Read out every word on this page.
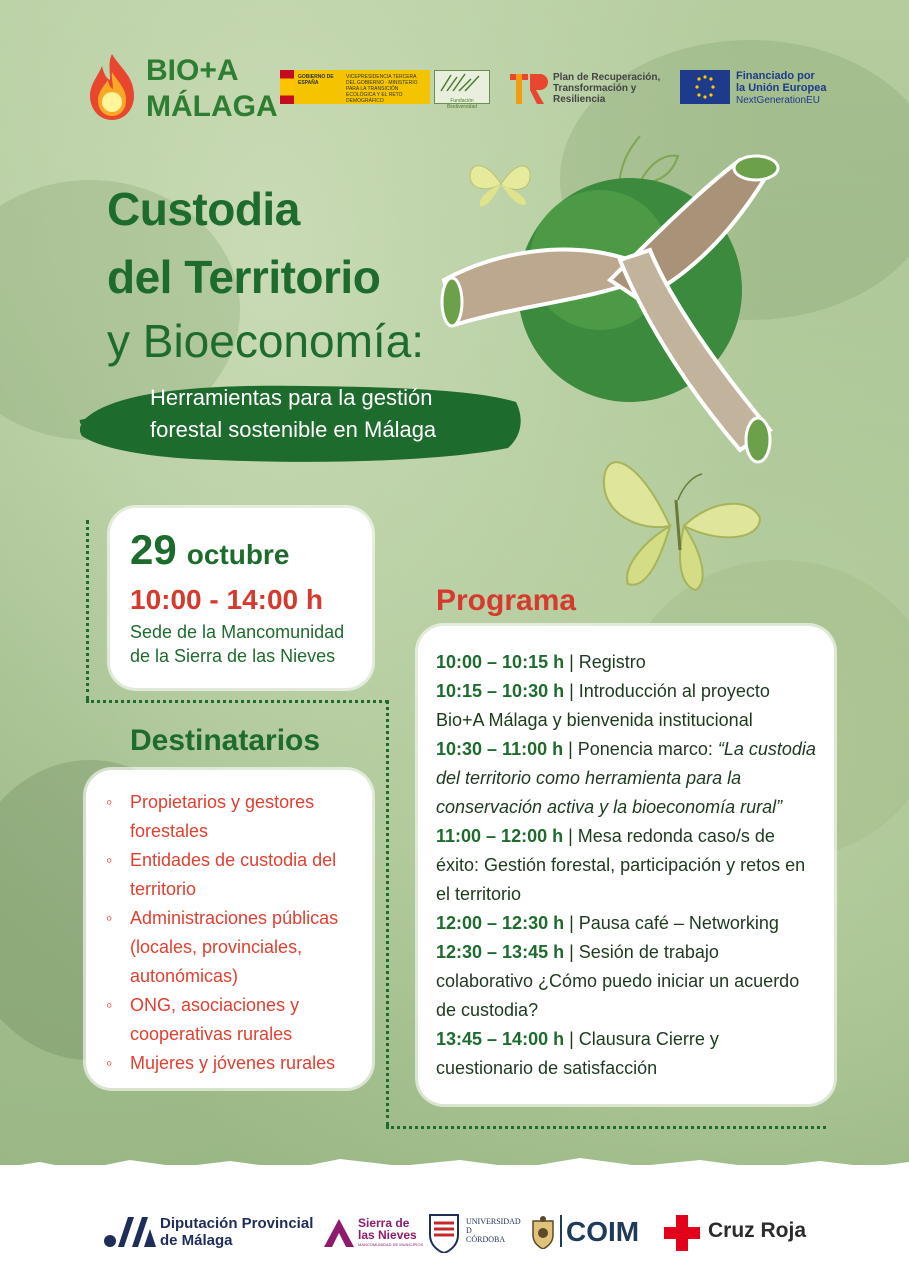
BIO+A
MÁLAGA
GOBIERNO DE ESPAÑA
VICEPRESIDENCIA TERCERA DEL GOBIERNO · MINISTERIO PARA LA TRANSICIÓN ECOLÓGICA Y EL RETO DEMOGRÁFICO	Fundación Biodiversidad
Plan de Recuperación, Transformación y Resiliencia
Financiado por
la Unión Europea
NextGenerationEU
Custodia
del Territorio
y Bioeconomía:
Herramientas para la gestión
forestal sostenible en Málaga
29 octubre
10:00 - 14:00 h
Sede de la Mancomunidad
de la Sierra de las Nieves
Destinatarios
◦ Propietarios y gestores forestales
◦ Entidades de custodia del territorio
◦ Administraciones públicas (locales, provinciales, autonómicas)
◦ ONG, asociaciones y cooperativas rurales
◦ Mujeres y jóvenes rurales
Programa
10:00 – 10:15 h | Registro
10:15 – 10:30 h | Introducción al proyecto Bio+A Málaga y bienvenida institucional
10:30 – 11:00 h | Ponencia marco: “La custodia del territorio como herramienta para la conservación activa y la bioeconomía rural”
11:00 – 12:00 h | Mesa redonda caso/s de éxito: Gestión forestal, participación y retos en el territorio
12:00 – 12:30 h | Pausa café – Networking
12:30 – 13:45 h | Sesión de trabajo colaborativo ¿Cómo puedo iniciar un acuerdo de custodia?
13:45 – 14:00 h | Clausura Cierre y cuestionario de satisfacción
Diputación Provincial
de Málaga
Sierra de
las Nieves
MANCOMUNIDAD DE MUNICIPIOS
UNIVERSIDAD
D
CÓRDOBA COIM	Cruz Roja
